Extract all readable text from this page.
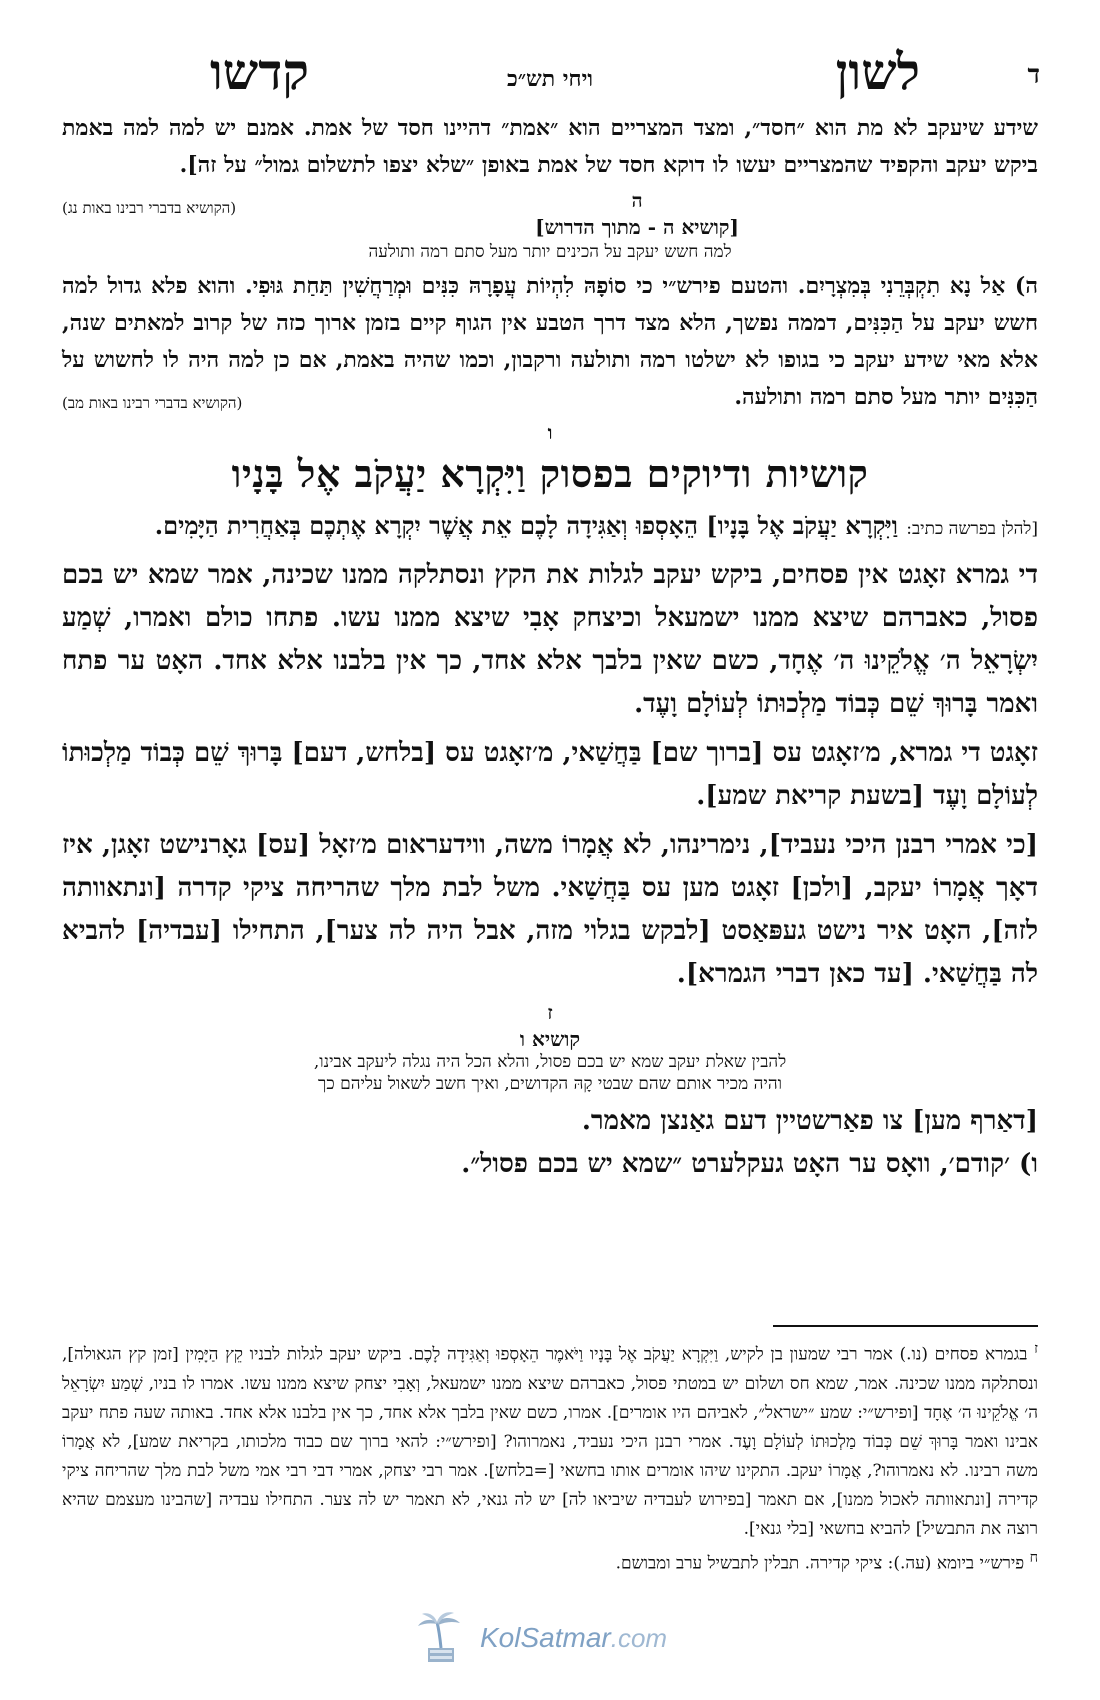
ד
לשון
ויחי תש״כ
קדשו

שידע שיעקב לא מת הוא ״חסד״, ומצד המצריים הוא ״אמת״ דהיינו חסד של אמת. אמנם יש למה למה באמת ביקש יעקב והקפיד שהמצריים יעשו לו דוקא חסד של אמת באופן ״שלא יצפו לתשלום גמול״ על זה].
(הקושיא בדברי רבינו באות נג)	ה
[קושיא ה - מתוך הדרוש]
למה חשש יעקב על הכינים יותר מעל סתם רמה ותולעה

ה) אַל נָא תִקְבְּרֵנִי בְּמִצְרָיִם. והטעם פירש״י כי סוֹפָהּ לִהְיוֹת עֲפָרָהּ כִּנִּים וּמְרַחֲשִׁין תַּחַת גּוּפִי. והוא פלא גדול למה חשש יעקב על הַכִּנִּים, דממה נפשך, הלא מצד דרך הטבע אין הגוף קיים בזמן ארוך כזה של קרוב למאתים שנה, אלא מאי שידע יעקב כי בגופו לא ישלטו רמה ותולעה ורקבון, וכמו שהיה באמת, אם כן למה היה לו לחשוש על הַכִּנִּים יותר מעל סתם רמה ותולעה.
(הקושיא בדברי רבינו באות מב)

ו
קושיות ודיוקים בפסוק וַיִּקְרָא יַעֲקֹב אֶל בָּנָיו

[להלן בפרשה כתיב: וַיִּקְרָא יַעֲקֹב אֶל בָּנָיו] הֵאָסְפוּ וְאַגִּידָה לָכֶם אֵת אֲשֶׁר יִקְרָא אֶתְכֶם בְּאַחֲרִית הַיָּמִים.

די גמרא זאָגט אין פסחים, ביקש יעקב לגלות את הקץ ונסתלקה ממנו שכינה, אמר שמא יש בכם פסול, כאברהם שיצא ממנו ישמעאל וכיצחק אָבִי שיצא ממנו עשו. פתחו כולם ואמרו, שְׁמַע יִשְׂרָאֵל ה׳ אֱלֹקֵינוּ ה׳ אֶחָד, כשם שאין בלבך אלא אחד, כך אין בלבנו אלא אחד. האָט ער פתח ואמר בָּרוּךְ שֵׁם כְּבוֹד מַלְכוּתוֹ לְעוֹלָם וָעֶד.

זאָגט די גמרא, מ׳זאָגט עס [ברוך שם] בַּחֲשַׁאי, מ׳זאָגט עס [בלחש, דעם] בָּרוּךְ שֵׁם כְּבוֹד מַלְכוּתוֹ לְעוֹלָם וָעֶד [בשעת קריאת שמע].

[כי אמרי רבנן היכי נעביד], נימרינהו, לא אֲמָרוֹ משה, ווידעראום מ׳זאָל [עס] גאָרנישט זאָגן, איז דאָך אֲמָרוֹ יעקב, [ולכן] זאָגט מען עס בַּחֲשַׁאי. משל לבת מלך שהריחה ציקי קדרה [ונתאוותה לזה], האָט איר נישט געפּאַסט [לבקש בגלוי מזה, אבל היה לה צער], התחילו [עבדיה] להביא לה בַּחֲשַׁאי. [עד כאן דברי הגמרא].

ז
קושיא ו
להבין שאלת יעקב שמא יש בכם פסול, והלא הכל היה נגלה ליעקב אבינו,
והיה מכיר אותם שהם שבטי קָהּ הקדושים, ואיך חשב לשאול עליהם כך

[דאַרף מען] צו פאַרשטיין דעם גאַנצן מאמר.

ו) ׳קודם׳, וואָס ער האָט געקלערט ״שמא יש בכם פסול״.

$^ז$ בגמרא פסחים (נו.) אמר רבי שמעון בן לקיש, וַיִּקְרָא יַעֲקֹב אֶל בָּנָיו וַיֹּאמֶר הֵאָסְפוּ וְאַגִּידָה לָכֶם. ביקש יעקב לגלות לבניו קֵץ הַיָּמִין [זמן קץ הגאולה], ונסתלקה ממנו שכינה. אמר, שמא חס ושלום יש במטתי פסול, כאברהם שיצא ממנו ישמעאל, וְאָבִי יצחק שיצא ממנו עשו. אמרו לו בניו, שְׁמַע יִשְׂרָאֵל ה׳ אֱלֹקֵינוּ ה׳ אֶחָד [ופירש״י: שמע ״ישראל״, לאביהם היו אומרים]. אמרו, כשם שאין בלבך אלא אחד, כך אין בלבנו אלא אחד. באותה שעה פתח יעקב אבינו ואמר בָּרוּךְ שֵׁם כְּבוֹד מַלְכוּתוֹ לְעוֹלָם וָעֶד. אמרי רבנן היכי נעביד, נאמרוהו? [ופירש״י: להאי ברוך שם כבוד מלכותו, בקריאת שמע], לא אֲמָרוֹ משה רבינו. לא נאמרוהו?, אֲמָרוֹ יעקב. התקינו שיהו אומרים אותו בחשאי [=בלחש]. אמר רבי יצחק, אמרי דבי רבי אמי משל לבת מלך שהריחה ציקי קדירה [ונתאוותה לאכול ממנו], אם תאמר [בפירוש לעבדיה שיביאו לה] יש לה גנאי, לא תאמר יש לה צער. התחילו עבדיה [שהבינו מעצמם שהיא רוצה את התבשיל] להביא בחשאי [בלי גנאי].

$^ח$ פירש״י ביומא (עה.): ציקי קדירה. תבלין לתבשיל ערב ומבושם.

KolSatmar.com
